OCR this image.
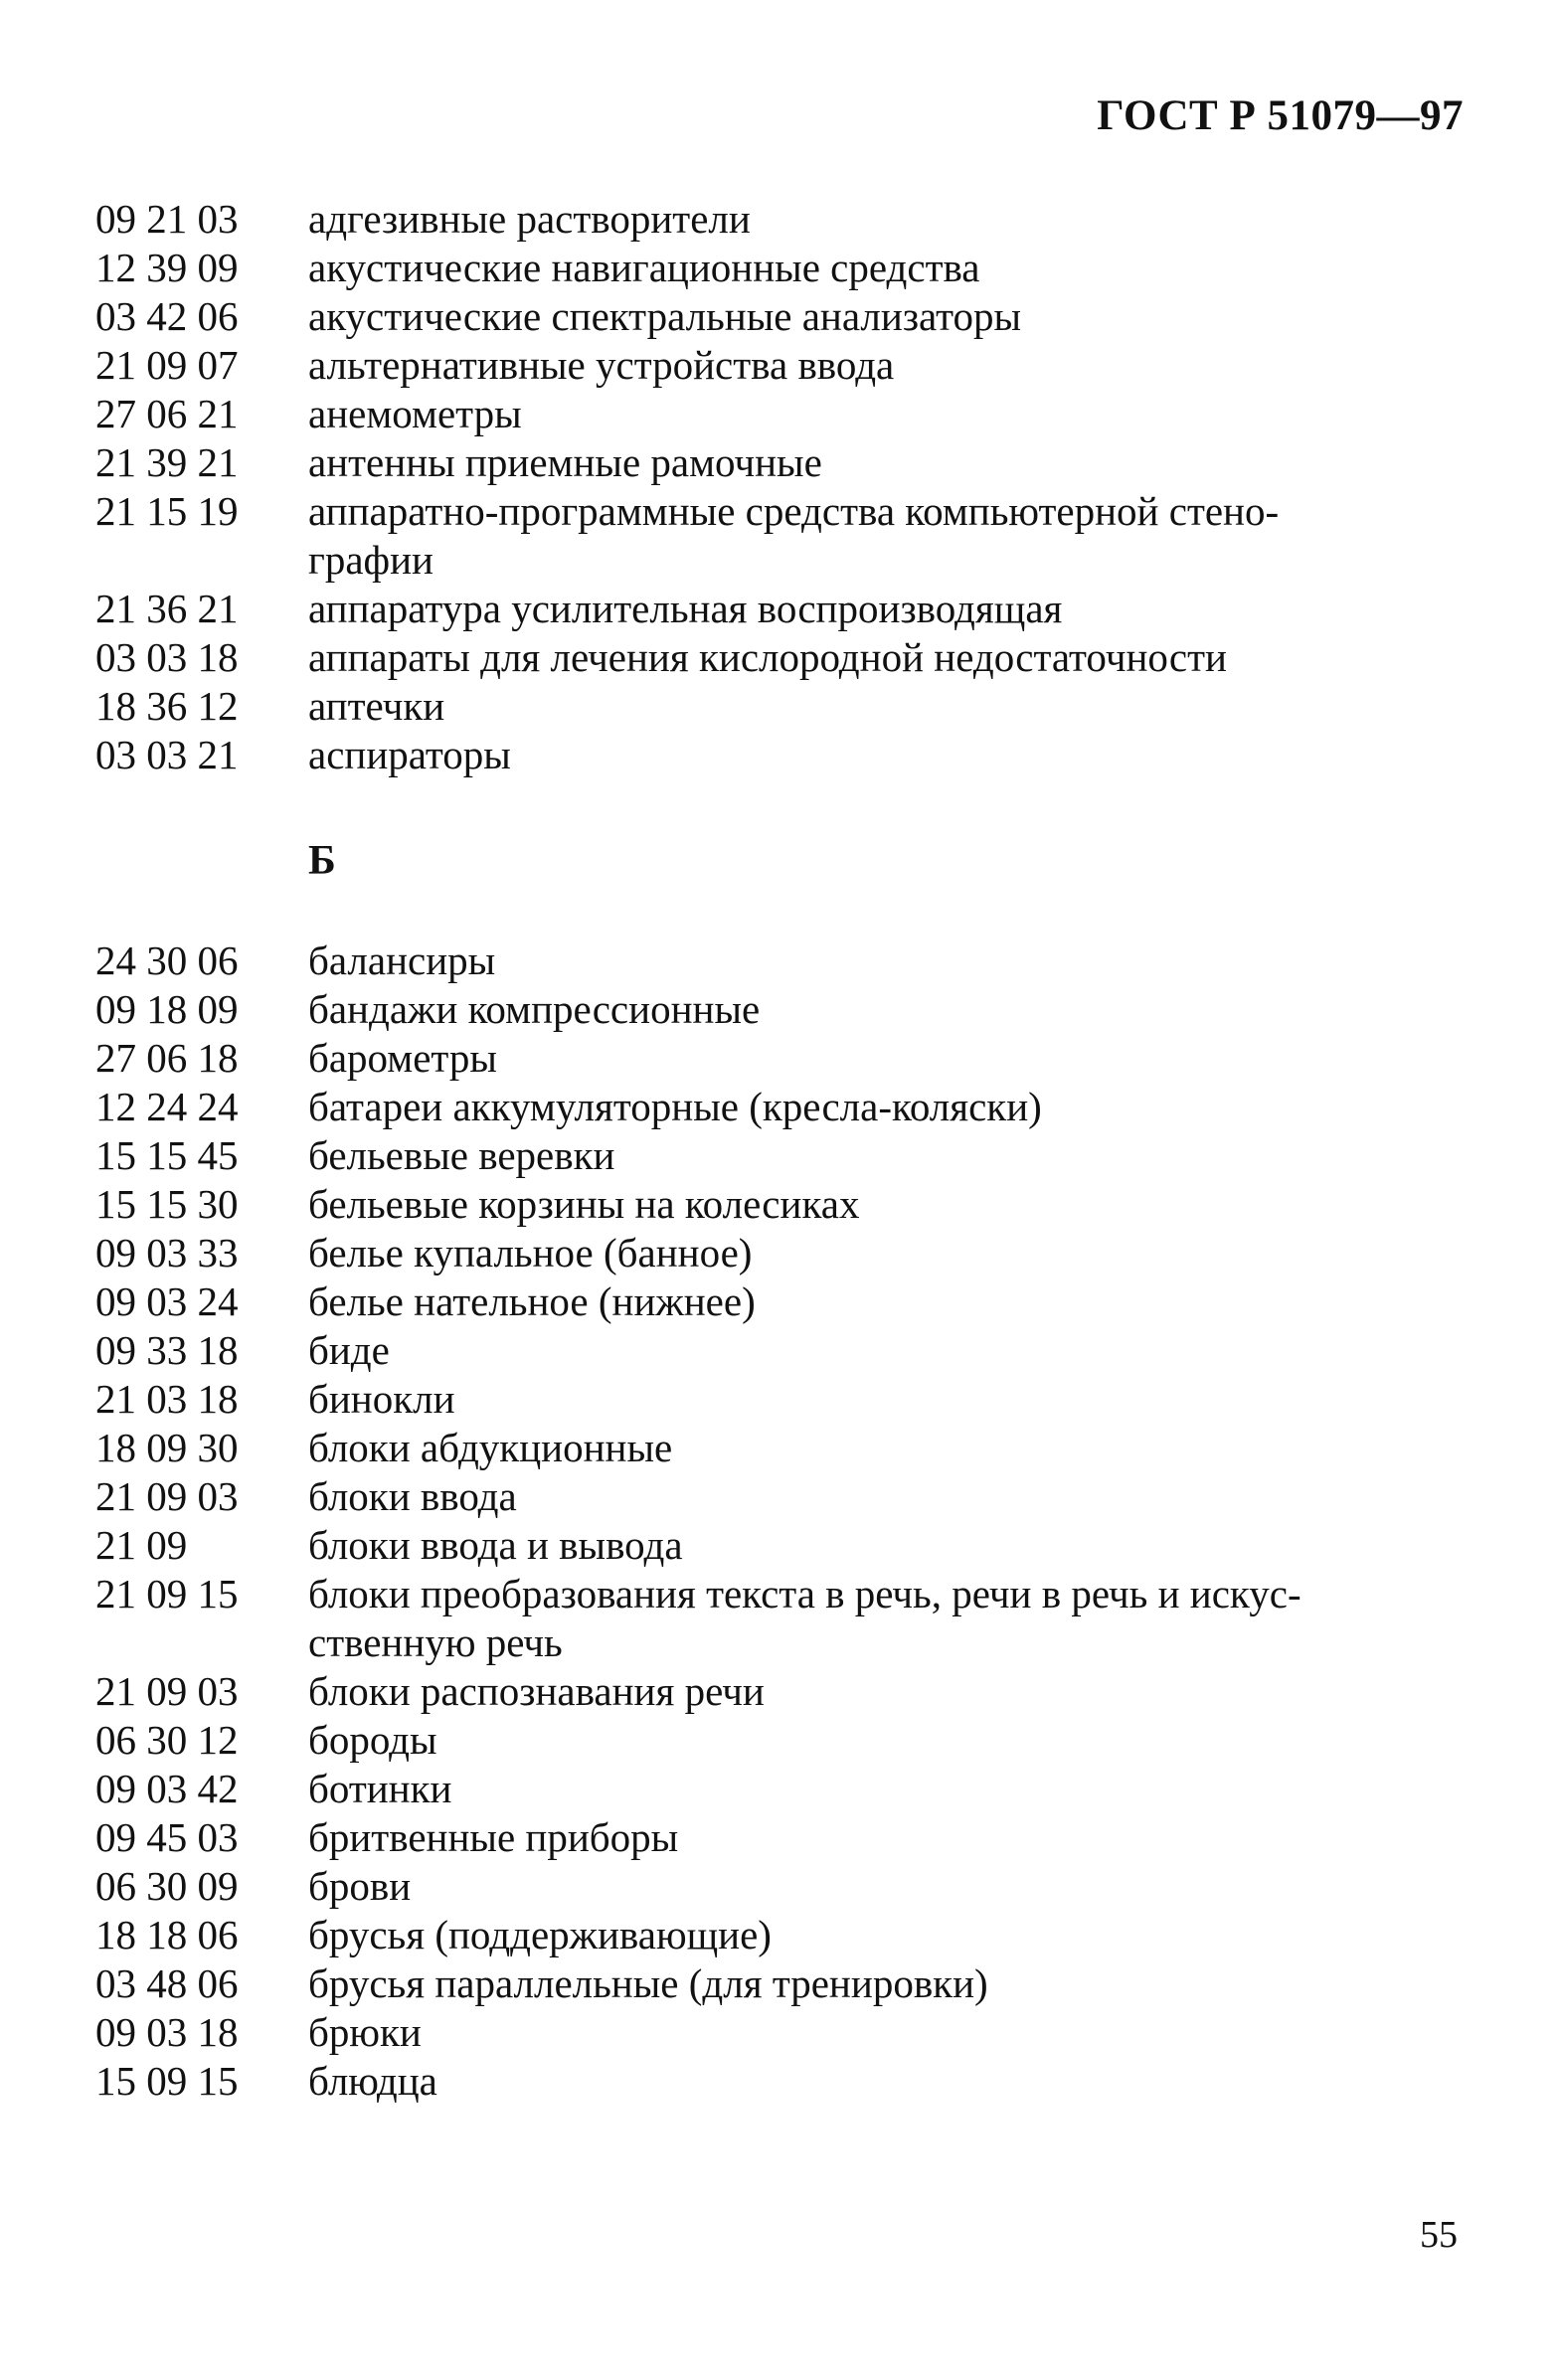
ГОСТ Р 51079—97
09 21 03	адгезивные растворители
12 39 09	акустические навигационные средства
03 42 06	акустические спектральные анализаторы
21 09 07	альтернативные устройства ввода
27 06 21	анемометры
21 39 21	антенны приемные рамочные
21 15 19	аппаратно-программные средства компьютерной стено-
графии
21 36 21	аппаратура усилительная воспроизводящая
03 03 18	аппараты для лечения кислородной недостаточности
18 36 12	аптечки
03 03 21	аспираторы
Б
24 30 06	балансиры
09 18 09	бандажи компрессионные
27 06 18	барометры
12 24 24	батареи аккумуляторные (кресла-коляски)
15 15 45	бельевые веревки
15 15 30	бельевые корзины на колесиках
09 03 33	белье купальное (банное)
09 03 24	белье нательное (нижнее)
09 33 18	биде
21 03 18	бинокли
18 09 30	блоки абдукционные
21 09 03	блоки ввода
21 09	блоки ввода и вывода
21 09 15	блоки преобразования текста в речь, речи в речь и искус-
ственную речь
21 09 03	блоки распознавания речи
06 30 12	бороды
09 03 42	ботинки
09 45 03	бритвенные приборы
06 30 09	брови
18 18 06	брусья (поддерживающие)
03 48 06	брусья параллельные (для тренировки)
09 03 18	брюки
15 09 15	блюдца
55
